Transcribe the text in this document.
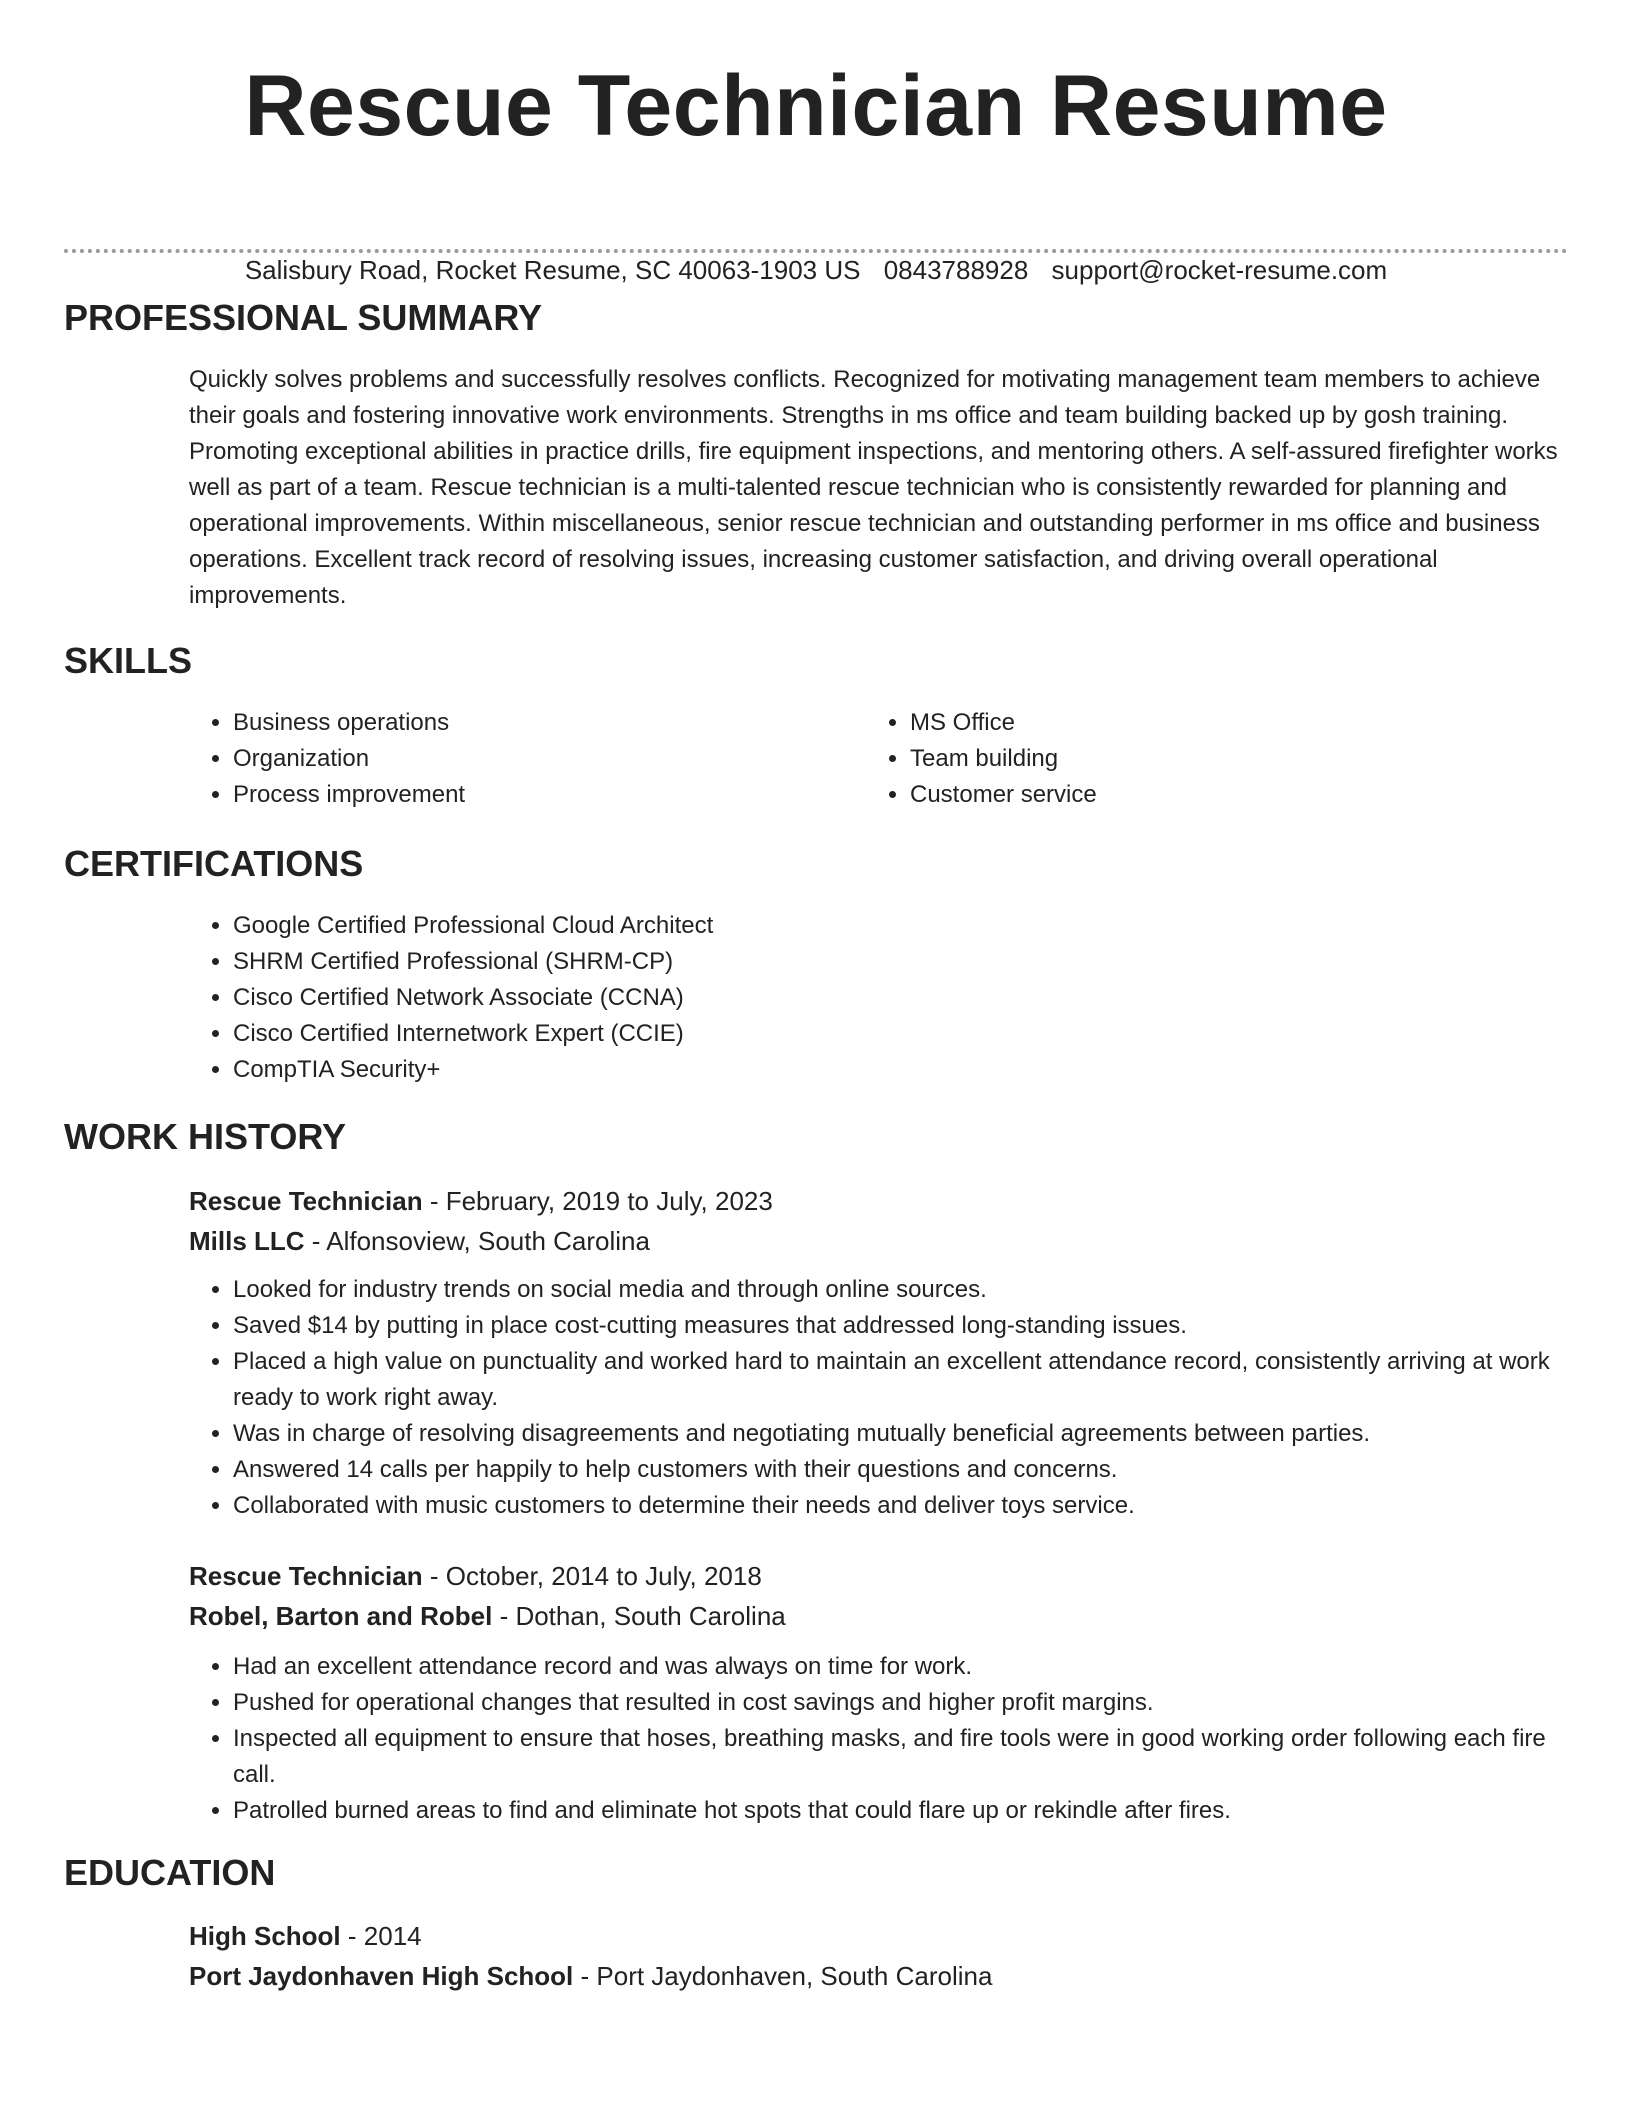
Rescue Technician Resume
Salisbury Road, Rocket Resume, SC 40063-1903 US 0843788928 support@rocket-resume.com
PROFESSIONAL SUMMARY

Quickly solves problems and successfully resolves conflicts. Recognized for motivating management team members to achieve their goals and fostering innovative work environments. Strengths in ms office and team building backed up by gosh training. Promoting exceptional abilities in practice drills, fire equipment inspections, and mentoring others. A self-assured firefighter works well as part of a team. Rescue technician is a multi-talented rescue technician who is consistently rewarded for planning and operational improvements. Within miscellaneous, senior rescue technician and outstanding performer in ms office and business operations. Excellent track record of resolving issues, increasing customer satisfaction, and driving overall operational improvements.

SKILLS
• Business operations
• Organization
• Process improvement
• MS Office
• Team building
• Customer service
CERTIFICATIONS
• Google Certified Professional Cloud Architect
• SHRM Certified Professional (SHRM-CP)
• Cisco Certified Network Associate (CCNA)
• Cisco Certified Internetwork Expert (CCIE)
• CompTIA Security+
WORK HISTORY

Rescue Technician - February, 2019 to July, 2023

Mills LLC - Alfonsoview, South Carolina

• Looked for industry trends on social media and through online sources.
• Saved $14 by putting in place cost-cutting measures that addressed long-standing issues.
• Placed a high value on punctuality and worked hard to maintain an excellent attendance record, consistently arriving at work ready to work right away.
• Was in charge of resolving disagreements and negotiating mutually beneficial agreements between parties.
• Answered 14 calls per happily to help customers with their questions and concerns.
• Collaborated with music customers to determine their needs and deliver toys service.

Rescue Technician - October, 2014 to July, 2018

Robel, Barton and Robel - Dothan, South Carolina

• Had an excellent attendance record and was always on time for work.
• Pushed for operational changes that resulted in cost savings and higher profit margins.
• Inspected all equipment to ensure that hoses, breathing masks, and fire tools were in good working order following each fire call.
• Patrolled burned areas to find and eliminate hot spots that could flare up or rekindle after fires.
EDUCATION

High School - 2014

Port Jaydonhaven High School - Port Jaydonhaven, South Carolina
